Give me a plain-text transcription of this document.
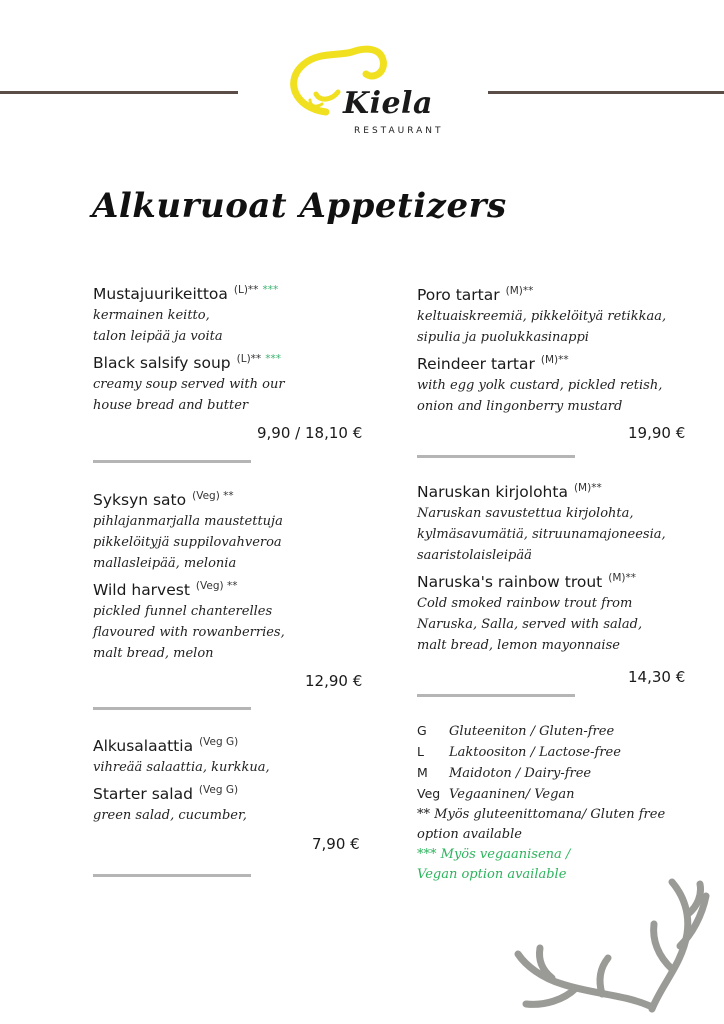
Kiela
RESTAURANT
Alkuruoat Appetizers
Mustajuurikeittoa $^{(L)**}$ ***
kermainen keitto,
talon leipää ja voita
Black salsify soup $^{(L)**}$ ***
creamy soup served with our
house bread and butter
9,90 / 18,10 €
Syksyn sato $^{(Veg) **}$
pihlajanmarjalla maustettuja
pikkelöityjä suppilovahveroa
mallasleipää, melonia
Wild harvest $^{(Veg) **}$
pickled funnel chanterelles
flavoured with rowanberries,
malt bread, melon
12,90 €
Alkusalaattia $^{(Veg G)}$
vihreää salaattia, kurkkua,
Starter salad $^{(Veg G)}$
green salad, cucumber,
7,90 €
Poro tartar $^{(M)**}$
keltuaiskreemiä, pikkelöityä retikkaa,
sipulia ja puolukkasinappi
Reindeer tartar $^{(M)**}$
with egg yolk custard, pickled retish,
onion and lingonberry mustard
19,90 €
Naruskan kirjolohta $^{(M)**}$
Naruskan savustettua kirjolohta,
kylmäsavumätiä, sitruunamajoneesia,
saaristolaisleipää
Naruska's rainbow trout $^{(M)**}$
Cold smoked rainbow trout from
Naruska, Salla, served with salad,
malt bread, lemon mayonnaise
14,30 €
G Gluteeniton / Gluten-free
L Laktoositon / Lactose-free
M Maidoton / Dairy-free
Veg Vegaaninen/ Vegan
** Myös gluteenittomana/ Gluten free
option available
*** Myös vegaanisena /
Vegan option available
